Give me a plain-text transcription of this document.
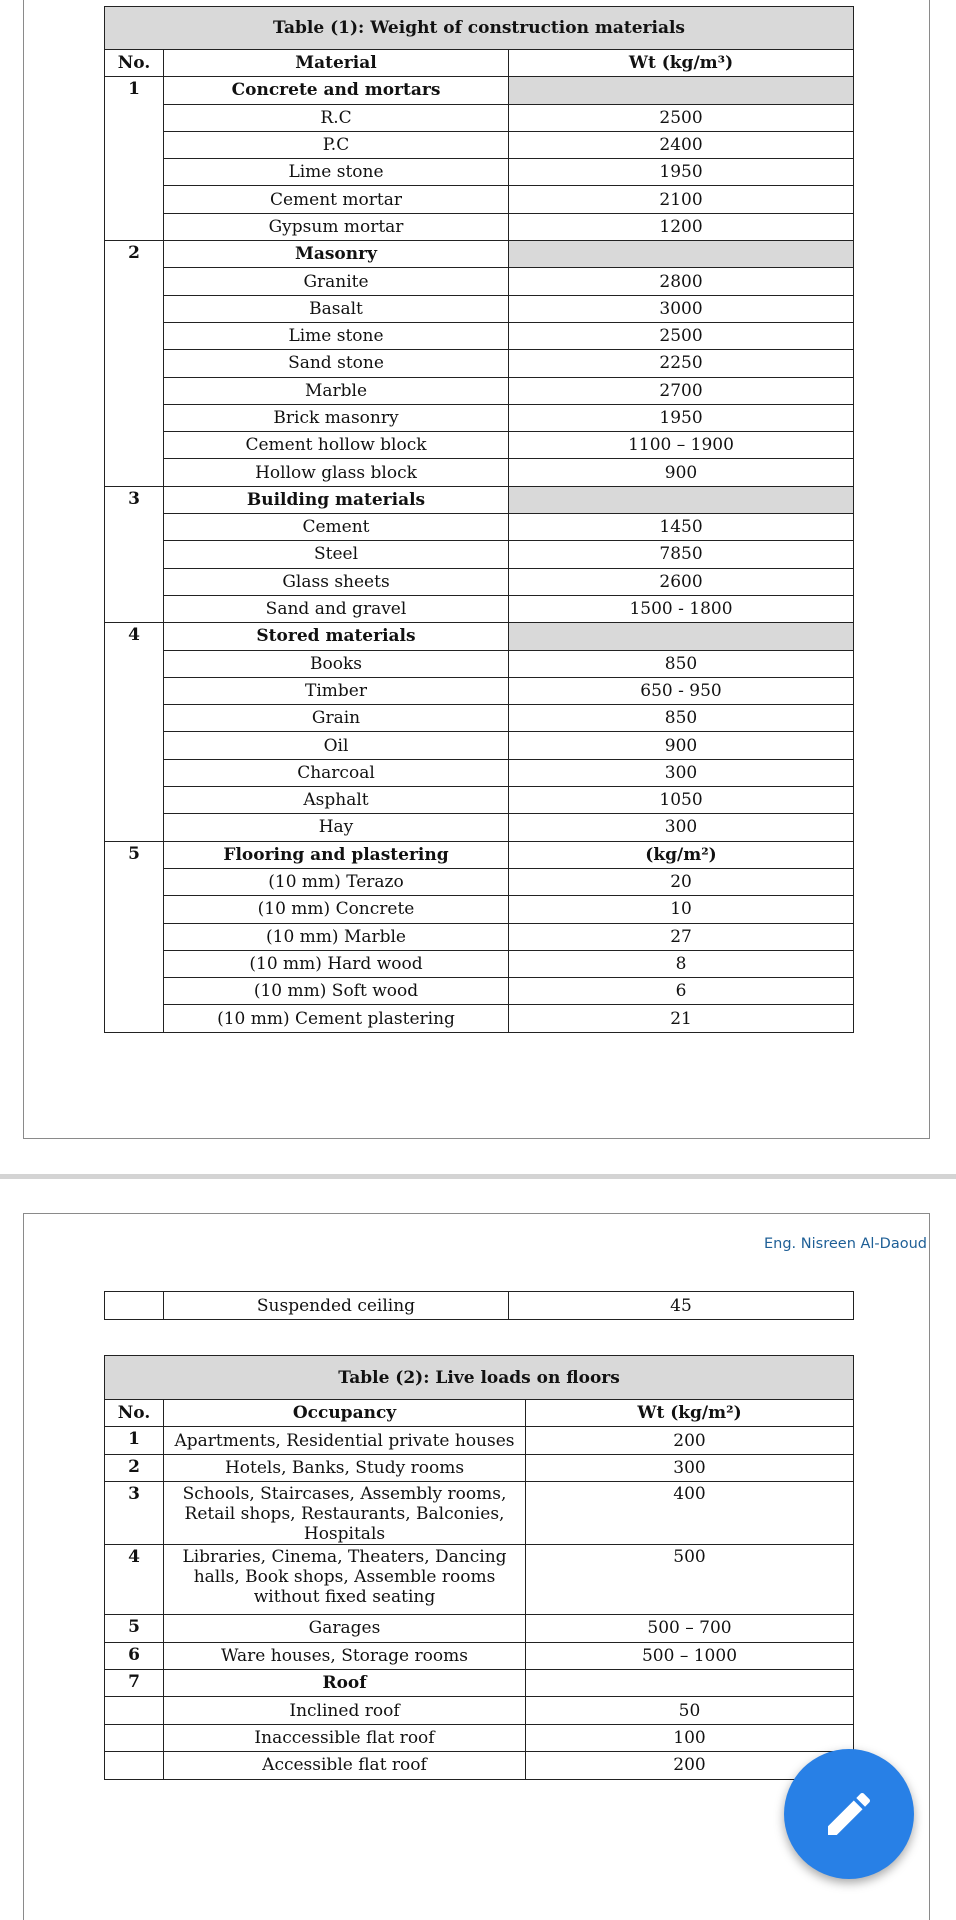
Table (1): Weight of construction materials		
No.	Material	Wt (kg/m³)
1	Concrete and mortars	
	R.C	2500
	P.C	2400
	Lime stone	1950
	Cement mortar	2100
	Gypsum mortar	1200
2	Masonry	
	Granite	2800
	Basalt	3000
	Lime stone	2500
	Sand stone	2250
	Marble	2700
	Brick masonry	1950
	Cement hollow block	1100 – 1900
	Hollow glass block	900
3	Building materials	
	Cement	1450
	Steel	7850
	Glass sheets	2600
	Sand and gravel	1500 - 1800
4	Stored materials	
	Books	850
	Timber	650 - 950
	Grain	850
	Oil	900
	Charcoal	300
	Asphalt	1050
	Hay	300
5	Flooring and plastering	(kg/m²)
	(10 mm) Terazo	20
	(10 mm) Concrete	10
	(10 mm) Marble	27
	(10 mm) Hard wood	8
	(10 mm) Soft wood	6
	(10 mm) Cement plastering	21
Eng. Nisreen Al-Daoud
	Suspended ceiling	45
Table (2): Live loads on floors		
No.	Occupancy	Wt (kg/m²)
1	Apartments, Residential private houses	200
2	Hotels, Banks, Study rooms	300
3	Schools, Staircases, Assembly rooms, Retail shops, Restaurants, Balconies, Hospitals	400
4	Libraries, Cinema, Theaters, Dancing halls, Book shops, Assemble rooms without fixed seating	500
5	Garages	500 – 700
6	Ware houses, Storage rooms	500 – 1000
7	Roof	
	Inclined roof	50
	Inaccessible flat roof	100
	Accessible flat roof	200
